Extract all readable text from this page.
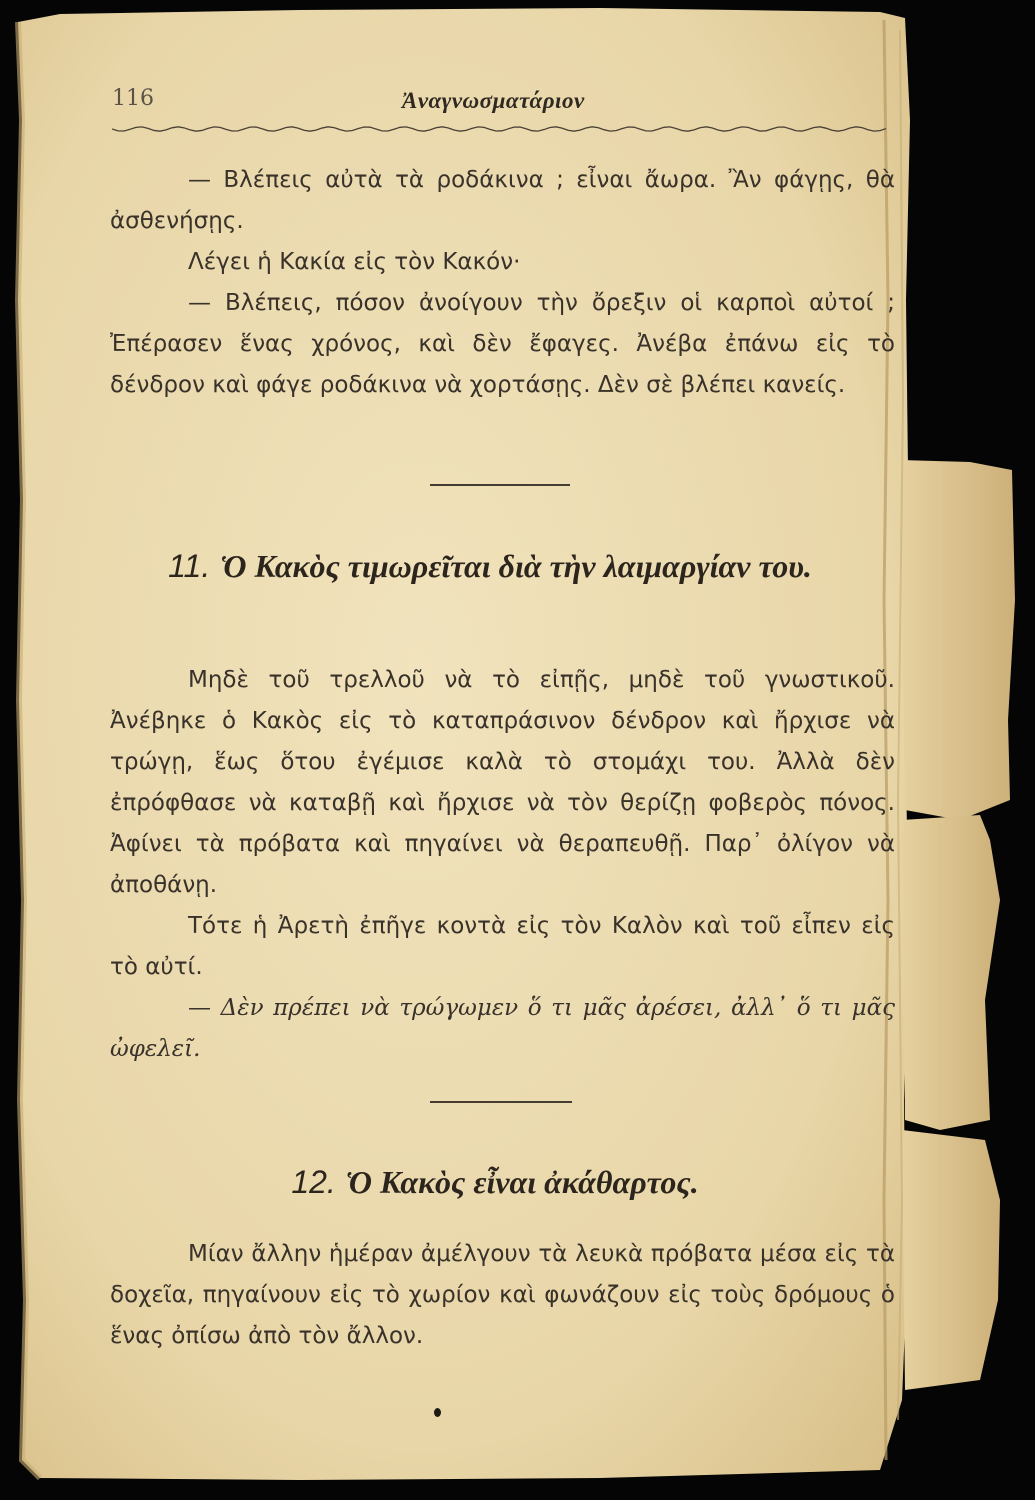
116	Ἀναγνωσματάριον

— Βλέπεις αὐτὰ τὰ ροδάκινα ; εἶναι ἄωρα. Ἂν φάγῃς, θὰ ἀσθενήσῃς.

Λέγει ἡ Κακία εἰς τὸν Κακόν·

— Βλέπεις, πόσον ἀνοίγουν τὴν ὄρεξιν οἱ καρποὶ αὐτοί ; Ἐπέρασεν ἕνας χρόνος, καὶ δὲν ἔφαγες. Ἀνέβα ἐπάνω εἰς τὸ δένδρον καὶ φάγε ροδάκινα νὰ χορτάσῃς. Δὲν σὲ βλέπει κανείς.

11. Ὁ Κακὸς τιμωρεῖται διὰ τὴν λαιμαργίαν του.

Μηδὲ τοῦ τρελλοῦ νὰ τὸ εἰπῇς, μηδὲ τοῦ γνωστικοῦ. Ἀνέβηκε ὁ Κακὸς εἰς τὸ καταπράσινον δένδρον καὶ ἤρχισε νὰ τρώγῃ, ἕως ὅτου ἐγέμισε καλὰ τὸ στομάχι του. Ἀλλὰ δὲν ἐπρόφθασε νὰ καταβῇ καὶ ἤρχισε νὰ τὸν θερίζῃ φοβερὸς πόνος. Ἀφίνει τὰ πρόβατα καὶ πηγαίνει νὰ θεραπευθῇ. Παρ᾽ ὀλίγον νὰ ἀποθάνῃ.

Τότε ἡ Ἀρετὴ ἐπῆγε κοντὰ εἰς τὸν Καλὸν καὶ τοῦ εἶπεν εἰς τὸ αὐτί.

— Δὲν πρέπει νὰ τρώγωμεν ὅ τι μᾶς ἀρέσει, ἀλλ᾽ ὅ τι μᾶς ὠφελεῖ.

12. Ὁ Κακὸς εἶναι ἀκάθαρτος.

Μίαν ἄλλην ἡμέραν ἀμέλγουν τὰ λευκὰ πρόβατα μέσα εἰς τὰ δοχεῖα, πηγαίνουν εἰς τὸ χωρίον καὶ φωνάζουν εἰς τοὺς δρόμους ὁ ἕνας ὀπίσω ἀπὸ τὸν ἄλλον.
